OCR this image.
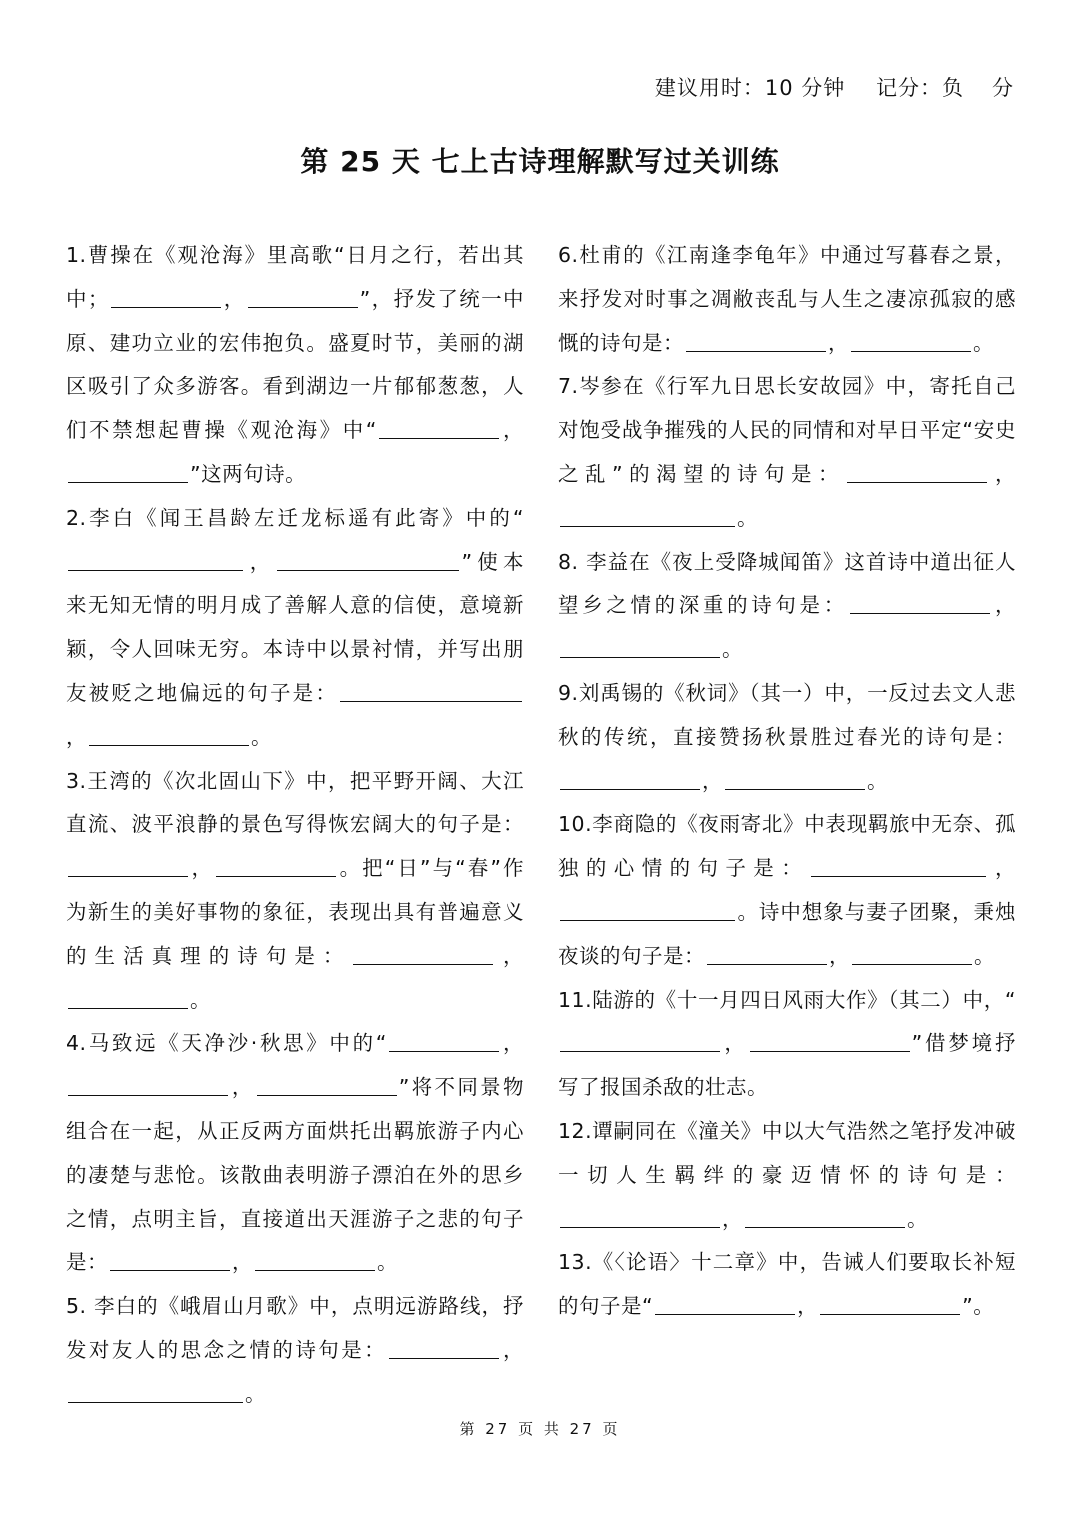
建议用时：10 分钟 记分：负 分
第 25 天 七上古诗理解默写过关训练

1.曹操在《观沧海》里高歌“日月之行，若出其中；	，	”，抒发了统一中原、建功立业的宏伟抱负。盛夏时节，美丽的湖区吸引了众多游客。看到湖边一片郁郁葱葱，人们不禁想起曹操《观沧海》中“	，”这两句诗。

2.李白《闻王昌龄左迁龙标遥有此寄》中的“，	”使本来无知无情的明月成了善解人意的信使，意境新颖，令人回味无穷。本诗中以景衬情，并写出朋友被贬之地偏远的句子是：，	。

3.王湾的《次北固山下》中，把平野开阔、大江直流、波平浪静的景色写得恢宏阔大的句子是：，	。把“日”与“春”作为新生的美好事物的象征，表现出具有普遍意义的生活真理的诗句是：	，。

4.马致远《天净沙·秋思》中的“	，，	”将不同景物组合在一起，从正反两方面烘托出羁旅游子内心的凄楚与悲怆。该散曲表明游子漂泊在外的思乡之情，点明主旨，直接道出天涯游子之悲的句子是：	，	。

5. 李白的《峨眉山月歌》中，点明远游路线，抒发对友人的思念之情的诗句是：	，。

6.杜甫的《江南逢李龟年》中通过写暮春之景，来抒发对时事之凋敝丧乱与人生之凄凉孤寂的感慨的诗句是：	，	。

7.岑参在《行军九日思长安故园》中，寄托自己对饱受战争摧残的人民的同情和对早日平定“安史之乱”的渴望的诗句是：	，。

8. 李益在《夜上受降城闻笛》这首诗中道出征人望乡之情的深重的诗句是：	，。

9.刘禹锡的《秋词》（其一）中，一反过去文人悲秋的传统，直接赞扬秋景胜过春光的诗句是：，	。

10.李商隐的《夜雨寄北》中表现羁旅中无奈、孤独的心情的句子是：	，。诗中想象与妻子团聚，秉烛夜谈的句子是：	，	。

11.陆游的《十一月四日风雨大作》（其二）中，“，	”借梦境抒写了报国杀敌的壮志。

12.谭嗣同在《潼关》中以大气浩然之笔抒发冲破一切人生羁绊的豪迈情怀的诗句是：，	。

13.《〈论语〉十二章》中，告诫人们要取长补短的句子是“	，	”。

第 27 页 共 27 页
